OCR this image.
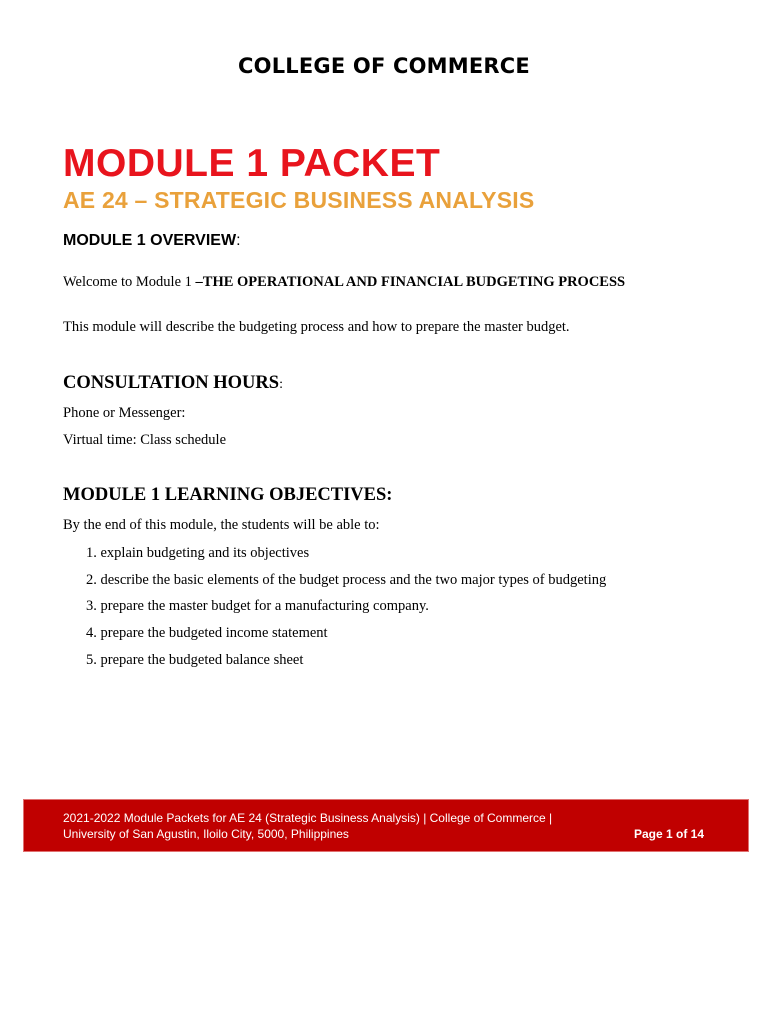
COLLEGE OF COMMERCE
MODULE 1 PACKET
AE 24 – STRATEGIC BUSINESS ANALYSIS
MODULE 1 OVERVIEW:
Welcome to Module 1 –THE OPERATIONAL AND FINANCIAL BUDGETING PROCESS
This module will describe the budgeting process and how to prepare the master budget.
CONSULTATION HOURS:
Phone or Messenger:
Virtual time: Class schedule
MODULE 1 LEARNING OBJECTIVES:
By the end of this module, the students will be able to:
1. explain budgeting and its objectives
2. describe the basic elements of the budget process and the two major types of budgeting
3. prepare the master budget for a manufacturing company.
4. prepare the budgeted income statement
5. prepare the budgeted balance sheet
2021-2022 Module Packets for AE 24 (Strategic Business Analysis) | College of Commerce |
University of San Agustin, Iloilo City, 5000, Philippines	Page 1 of 14
